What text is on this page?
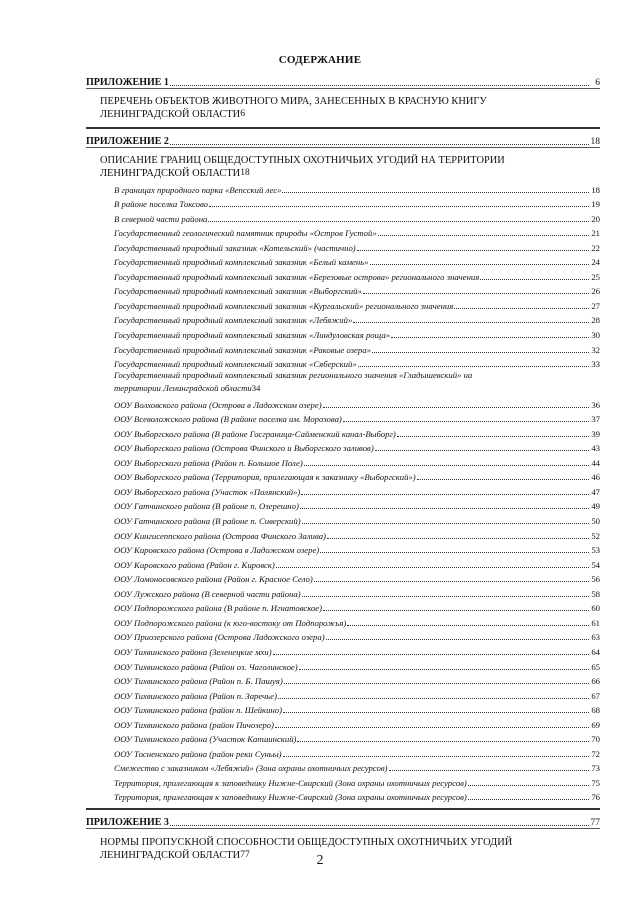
СОДЕРЖАНИЕ
ПРИЛОЖЕНИЕ 1	6
ПЕРЕЧЕНЬ ОБЪЕКТОВ ЖИВОТНОГО МИРА, ЗАНЕСЕННЫХ В КРАСНУЮ КНИГУ
ЛЕНИНГРАДСКОЙ ОБЛАСТИ 6
ПРИЛОЖЕНИЕ 2	18
ОПИСАНИЕ ГРАНИЦ ОБЩЕДОСТУПНЫХ ОХОТНИЧЬИХ УГОДИЙ НА ТЕРРИТОРИИ
ЛЕНИНГРАДСКОЙ ОБЛАСТИ 18
В границах природного парка «Вепсский лес»	18
В районе поселка Токсово	19
В северной части района	20
Государственный геологический памятник природы «Остров Густой»	21
Государственный природный заказник «Котельский» (частично)	22
Государственный природный комплексный заказник «Белый камень»	24
Государственный природный комплексный заказник «Березовые острова» регионального значения	25
Государственный природный комплексный заказник «Выборгский»	26
Государственный природный комплексный заказник «Кургальский» регионального значения	27
Государственный природный комплексный заказник «Лебяжий»	28
Государственный природный комплексный заказник «Линдуловская роща»	30
Государственный природный комплексный заказник «Раковые озера»	32
Государственный природный комплексный заказник «Сяберский»	33
Государственный природный комплексный заказник регионального значения «Гладышевский» на
территории Ленинградской области 34
ООУ Волховского района (Острова в Ладожском озере)	36
ООУ Всеволожского района (В районе поселка им. Морозова)	37
ООУ Выборгского района (В районе Госграница-Сайменский канал-Выборг)	39
ООУ Выборгского района (Острова Финского и Выборгского заливов)	43
ООУ Выборгского района (Район п. Большое Поле)	44
ООУ Выборгского района (Территория, прилегающая к заказнику «Выборгский»)	46
ООУ Выборгского района (Участок «Полянский»)	47
ООУ Гатчинского района (В районе п. Озерешно)	49
ООУ Гатчинского района (В районе п. Сиверский)	50
ООУ Кингисеппского района (Острова Финского Залива)	52
ООУ Кировского района (Острова в Ладожском озере)	53
ООУ Кировского района (Район г. Кировск)	54
ООУ Ломоносовского района (Район г. Красное Село)	56
ООУ Лужского района (В северной части района)	58
ООУ Подпорожского района (В районе п. Игнатовское)	60
ООУ Подпорожского района (к юго-востоку от Подпорожья)	61
ООУ Приозерского района (Острова Ладожского озера)	63
ООУ Тихвинского района (Зеленецкие мхи)	64
ООУ Тихвинского района (Район оз. Чаголинское)	65
ООУ Тихвинского района (Район п. Б. Пашуя)	66
ООУ Тихвинского района (Район п. Заречье)	67
ООУ Тихвинского района (район п. Шейкино)	68
ООУ Тихвинского района (район Пичозеро)	69
ООУ Тихвинского района (Участок Капшинский)	70
ООУ Тосненского района (район реки Суньы)	72
Смежество с заказником «Лебяжий» (Зона охраны охотничьих ресурсов)	73
Территория, прилегающая к заповеднику Нижне-Свирский (Зона охраны охотничьих ресурсов)	75
Территория, прилегающая к заповеднику Нижне-Свирский (Зона охраны охотничьих ресурсов)	76
ПРИЛОЖЕНИЕ 3	77
НОРМЫ ПРОПУСКНОЙ СПОСОБНОСТИ ОБЩЕДОСТУПНЫХ ОХОТНИЧЬИХ УГОДИЙ
ЛЕНИНГРАДСКОЙ ОБЛАСТИ 77	2
